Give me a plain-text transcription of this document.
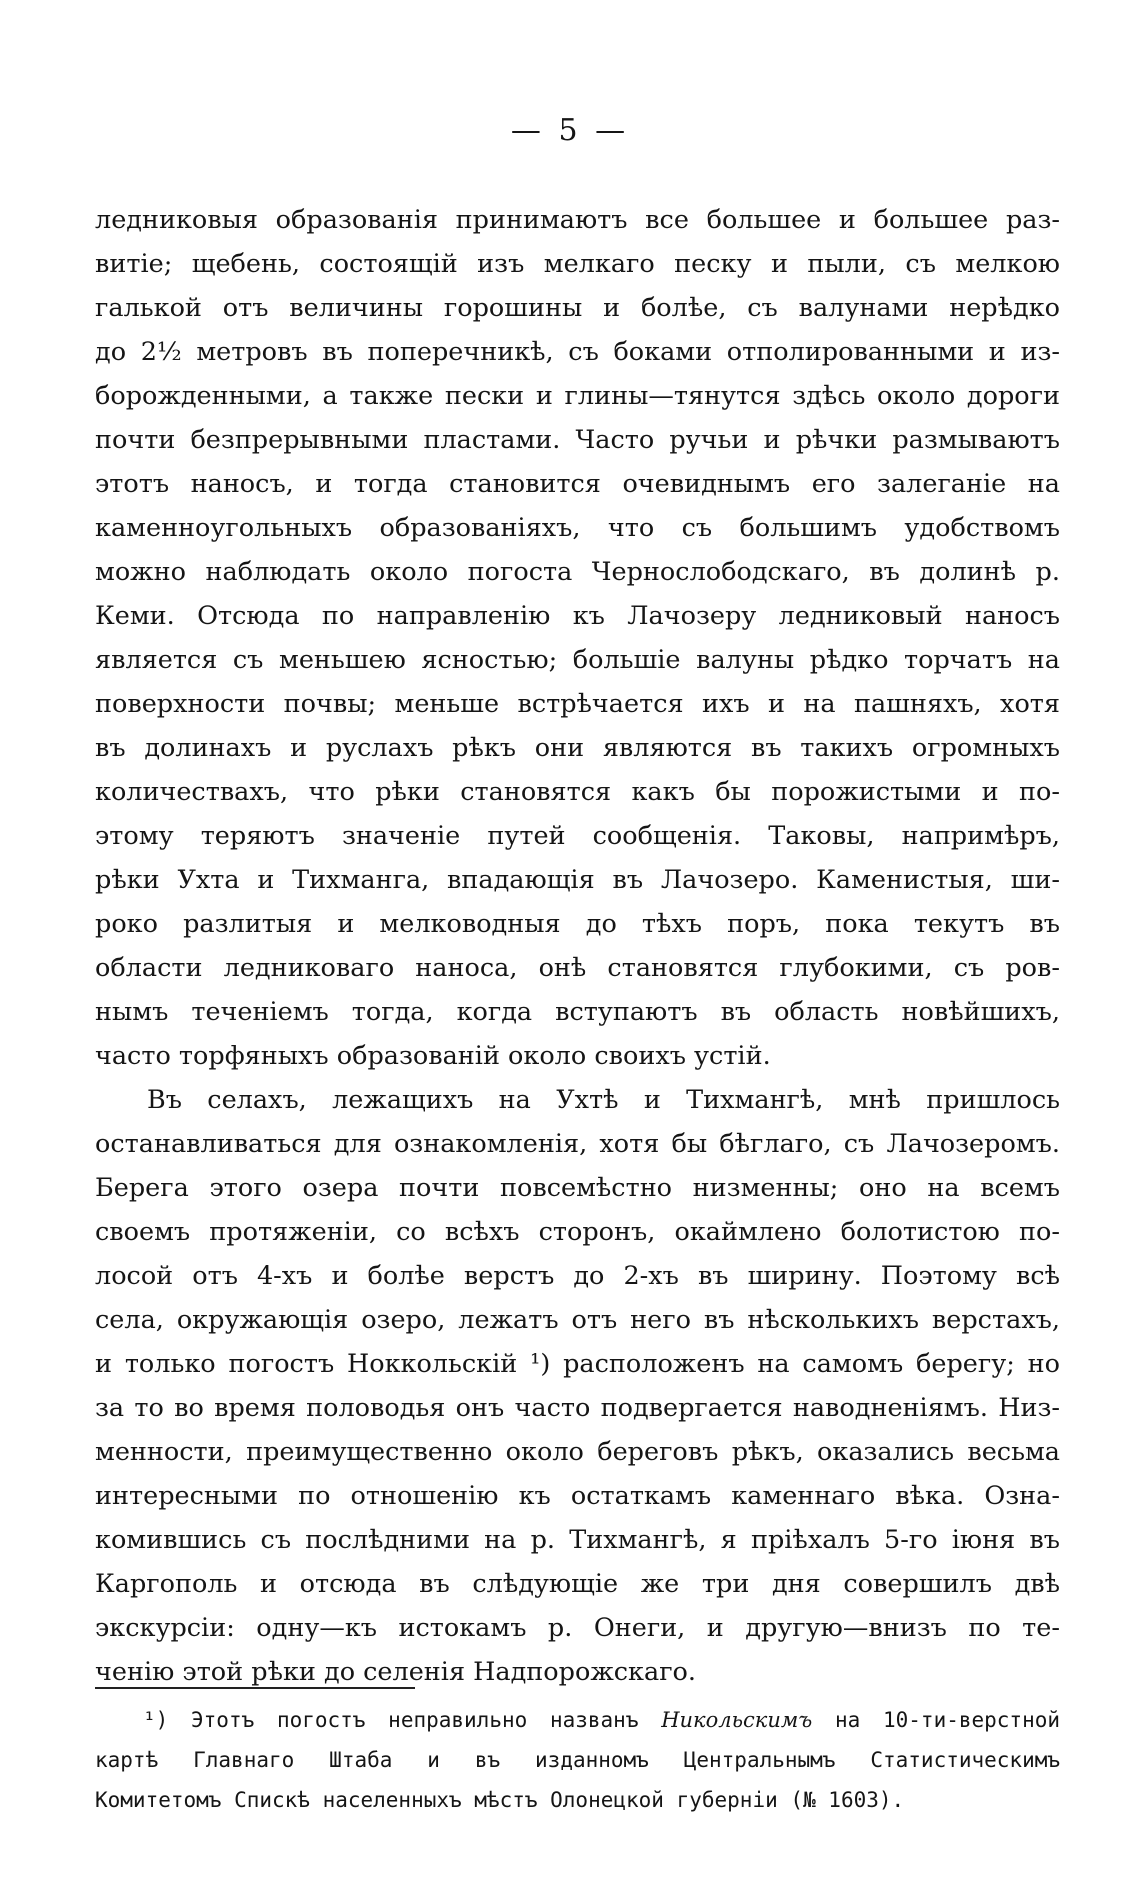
— 5 —
ледниковыя образованія принимаютъ все большее и большее раз-
витіе; щебень, состоящій изъ мелкаго песку и пыли, съ мелкою
галькой отъ величины горошины и болѣе, съ валунами нерѣдко
до 2½ метровъ въ поперечникѣ, съ боками отполированными и из-
борожденными, а также пески и глины—тянутся здѣсь около дороги
почти безпрерывными пластами. Часто ручьи и рѣчки размываютъ
этотъ наносъ, и тогда становится очевиднымъ его залеганіе на
каменноугольныхъ образованіяхъ, что съ большимъ удобствомъ
можно наблюдать около погоста Чернослободскаго, въ долинѣ р.
Кеми. Отсюда по направленію къ Лачозеру ледниковый наносъ
является съ меньшею ясностью; большіе валуны рѣдко торчатъ на
поверхности почвы; меньше встрѣчается ихъ и на пашняхъ, хотя
въ долинахъ и руслахъ рѣкъ они являются въ такихъ огромныхъ
количествахъ, что рѣки становятся какъ бы порожистыми и по-
этому теряютъ значеніе путей сообщенія. Таковы, напримѣръ,
рѣки Ухта и Тихманга, впадающія въ Лачозеро. Каменистыя, ши-
роко разлитыя и мелководныя до тѣхъ поръ, пока текутъ въ
области ледниковаго наноса, онѣ становятся глубокими, съ ров-
нымъ теченіемъ тогда, когда вступаютъ въ область новѣйшихъ,
часто торфяныхъ образованій около своихъ устій.
Въ селахъ, лежащихъ на Ухтѣ и Тихмангѣ, мнѣ пришлось
останавливаться для ознакомленія, хотя бы бѣглаго, съ Лачозеромъ.
Берега этого озера почти повсемѣстно низменны; оно на всемъ
своемъ протяженіи, со всѣхъ сторонъ, окаймлено болотистою по-
лосой отъ 4-хъ и болѣе верстъ до 2-хъ въ ширину. Поэтому всѣ
села, окружающія озеро, лежатъ отъ него въ нѣсколькихъ верстахъ,
и только погостъ Ноккольскій ¹) расположенъ на самомъ берегу; но
за то во время половодья онъ часто подвергается наводненіямъ. Низ-
менности, преимущественно около береговъ рѣкъ, оказались весьма
интересными по отношенію къ остаткамъ каменнаго вѣка. Озна-
комившись съ послѣдними на р. Тихмангѣ, я пріѣхалъ 5-го іюня въ
Каргополь и отсюда въ слѣдующіе же три дня совершилъ двѣ
экскурсіи: одну—къ истокамъ р. Онеги, и другую—внизъ по те-
ченію этой рѣки до селенія Надпорожскаго.
¹) Этотъ погостъ неправильно названъ Никольскимъ на 10-ти-верстной
картѣ Главнаго Штаба и въ изданномъ Центральнымъ Статистическимъ
Комитетомъ Спискѣ населенныхъ мѣстъ Олонецкой губерніи (№ 1603).
